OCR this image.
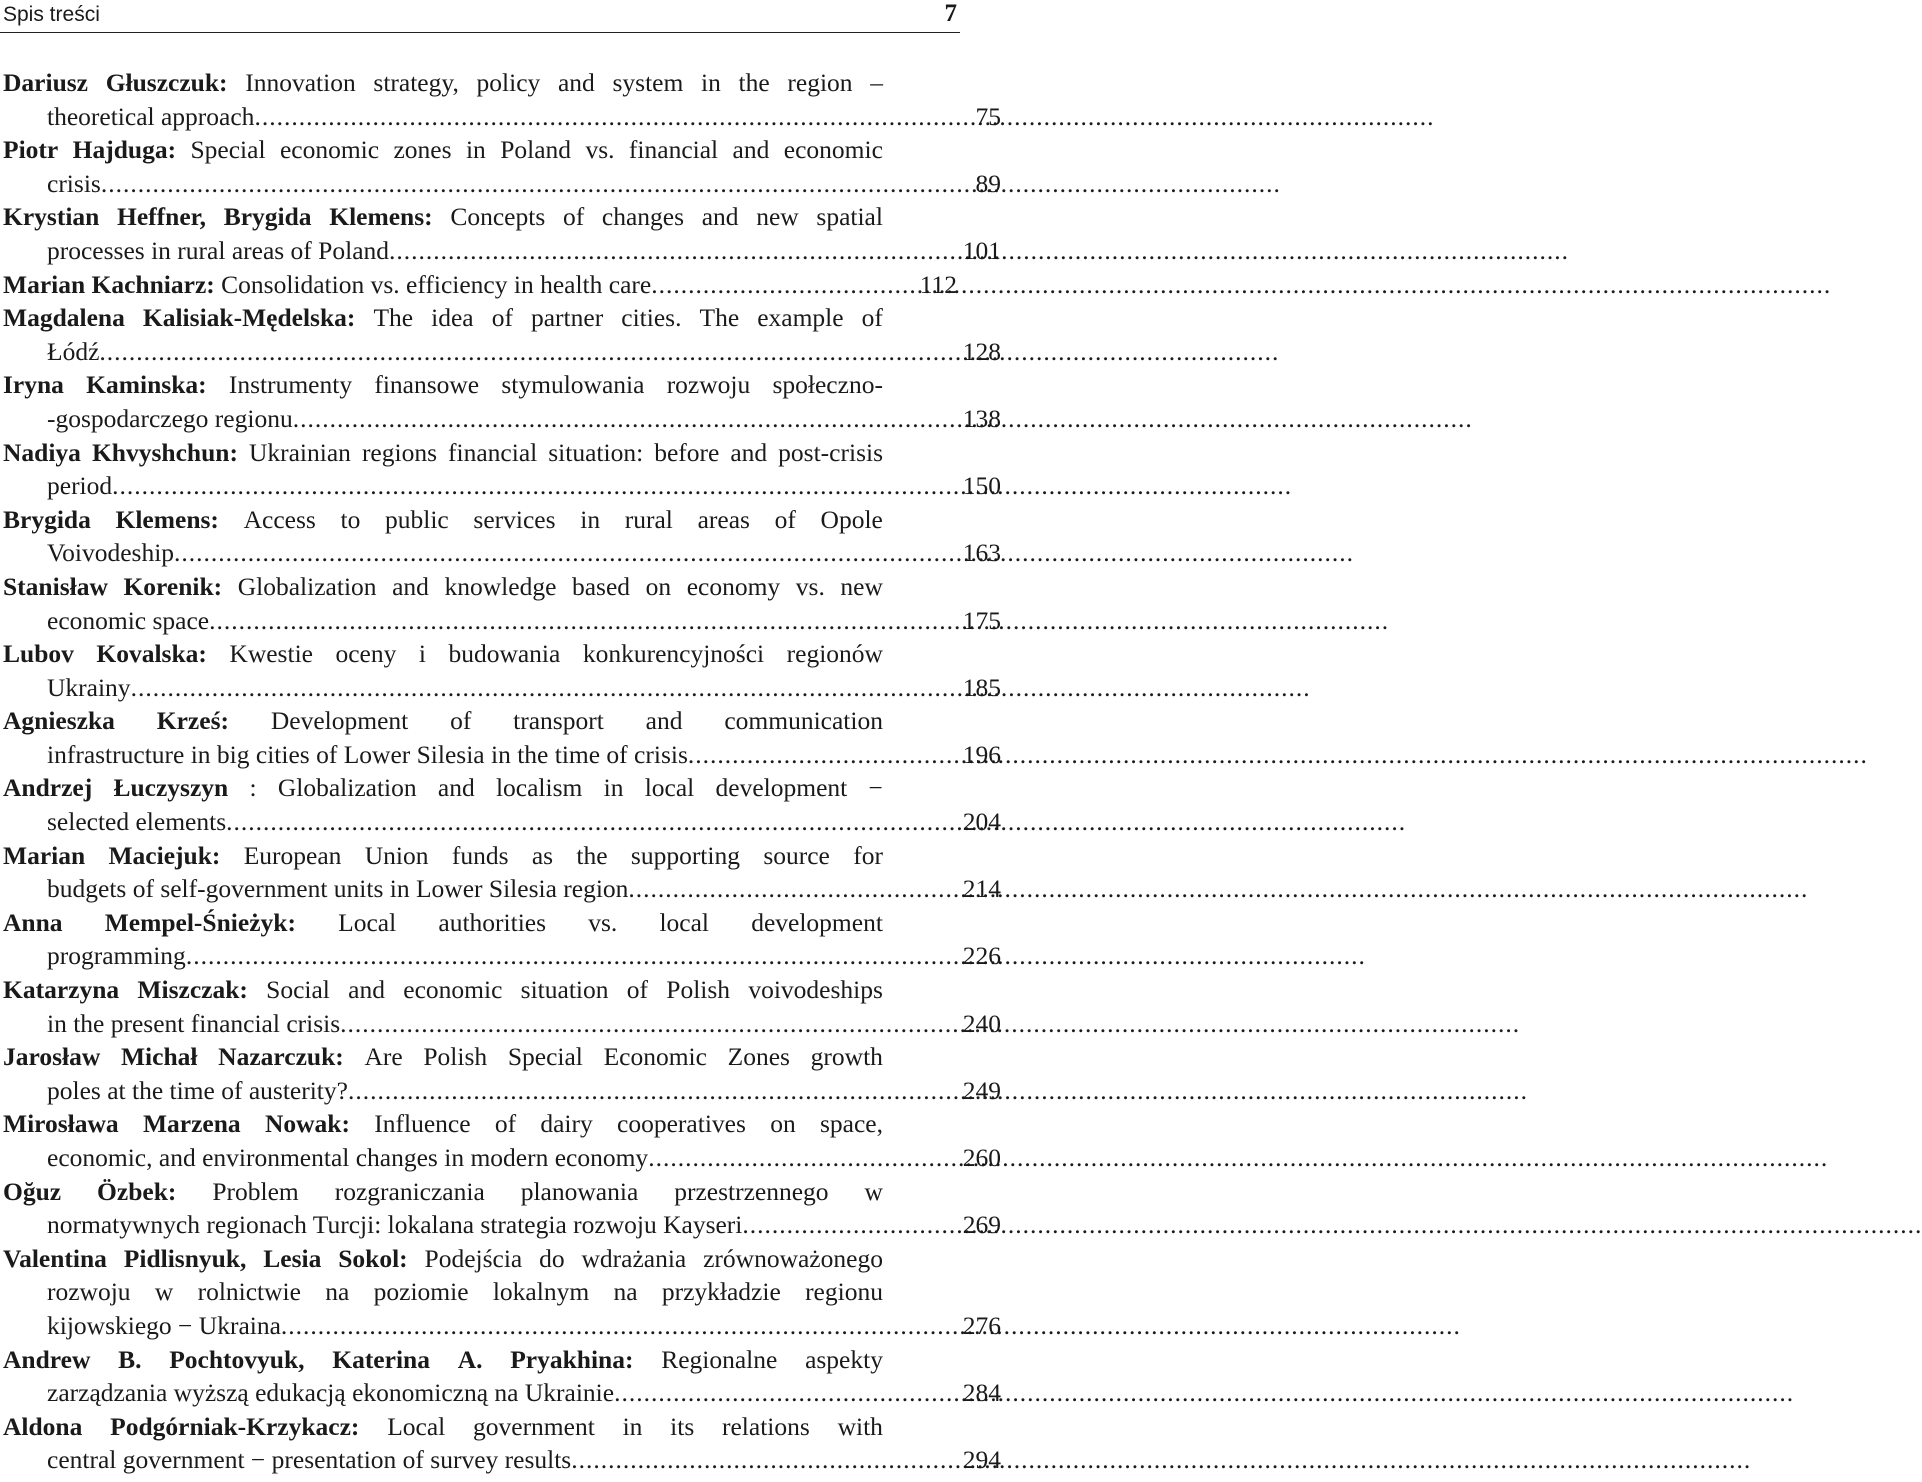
Spis treści	7
Dariusz Głuszczuk: Innovation strategy, policy and system in the region –
theoretical approach .....	75
Piotr Hajduga: Special economic zones in Poland vs. financial and economic
crisis .....	89
Krystian Heffner, Brygida Klemens: Concepts of changes and new spatial
processes in rural areas of Poland .....	101
Marian Kachniarz: Consolidation vs. efficiency in health care .....	112
Magdalena Kalisiak-Mędelska: The idea of partner cities. The example of
Łódź .....	128
Iryna Kaminska: Instrumenty finansowe stymulowania rozwoju społeczno-
-gospodarczego regionu .....	138
Nadiya Khvyshchun: Ukrainian regions financial situation: before and post-crisis
period .....	150
Brygida Klemens: Access to public services in rural areas of Opole
Voivodeship .....	163
Stanisław Korenik: Globalization and knowledge based on economy vs. new
economic space .....	175
Lubov Kovalska: Kwestie oceny i budowania konkurencyjności regionów
Ukrainy .....	185
Agnieszka Krześ: Development of transport and communication
infrastructure in big cities of Lower Silesia in the time of crisis .....	196
Andrzej Łuczyszyn : Globalization and localism in local development −
selected elements .....	204
Marian Maciejuk: European Union funds as the supporting source for
budgets of self-government units in Lower Silesia region .....	214
Anna Mempel-Śnieżyk: Local authorities vs. local development
programming .....	226
Katarzyna Miszczak: Social and economic situation of Polish voivodeships
in the present financial crisis .....	240
Jarosław Michał Nazarczuk: Are Polish Special Economic Zones growth
poles at the time of austerity? .....	249
Mirosława Marzena Nowak: Influence of dairy cooperatives on space,
economic, and environmental changes in modern economy .....	260
Oğuz Özbek: Problem rozgraniczania planowania przestrzennego w
normatywnych regionach Turcji: lokalana strategia rozwoju Kayseri .....	269
Valentina Pidlisnyuk, Lesia Sokol: Podejścia do wdrażania zrównoważonego
rozwoju w rolnictwie na poziomie lokalnym na przykładzie regionu
kijowskiego − Ukraina .....	276
Andrew B. Pochtovyuk, Katerina A. Pryakhina: Regionalne aspekty
zarządzania wyższą edukacją ekonomiczną na Ukrainie .....	284
Aldona Podgórniak-Krzykacz: Local government in its relations with
central government − presentation of survey results .....	294
